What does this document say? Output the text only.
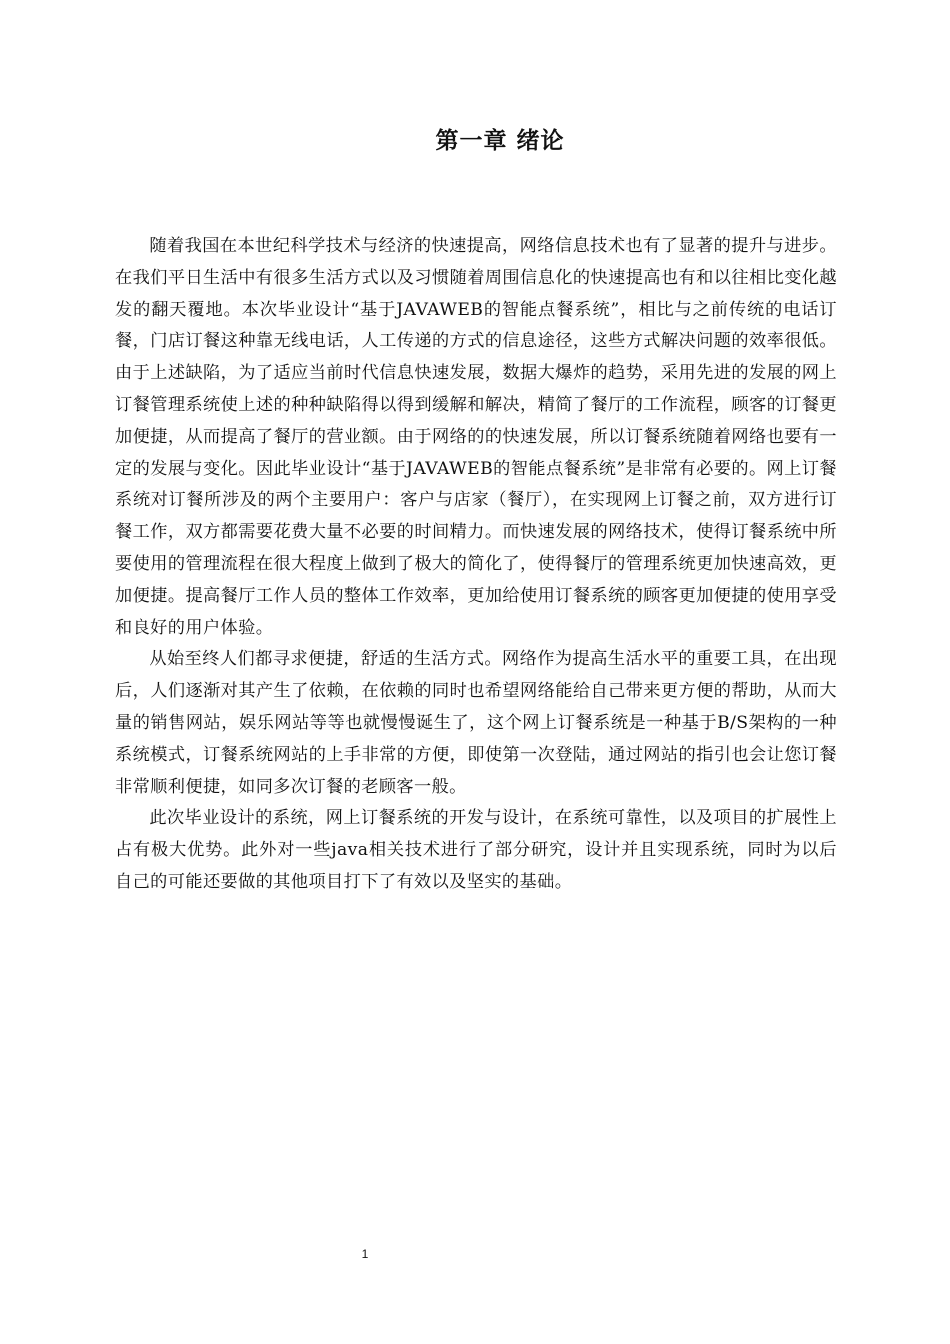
第一章 绪论

随着我国在本世纪科学技术与经济的快速提高，网络信息技术也有了显著的提升与进步。在我们平日生活中有很多生活方式以及习惯随着周围信息化的快速提高也有和以往相比变化越发的翻天覆地。本次毕业设计“基于JAVAWEB的智能点餐系统”，相比与之前传统的电话订餐，门店订餐这种靠无线电话，人工传递的方式的信息途径，这些方式解决问题的效率很低。由于上述缺陷，为了适应当前时代信息快速发展，数据大爆炸的趋势，采用先进的发展的网上订餐管理系统使上述的种种缺陷得以得到缓解和解决，精简了餐厅的工作流程，顾客的订餐更加便捷，从而提高了餐厅的营业额。由于网络的的快速发展，所以订餐系统随着网络也要有一定的发展与变化。因此毕业设计“基于JAVAWEB的智能点餐系统”是非常有必要的。网上订餐系统对订餐所涉及的两个主要用户：客户与店家（餐厅），在实现网上订餐之前，双方进行订餐工作，双方都需要花费大量不必要的时间精力。而快速发展的网络技术，使得订餐系统中所要使用的管理流程在很大程度上做到了极大的简化了，使得餐厅的管理系统更加快速高效，更加便捷。提高餐厅工作人员的整体工作效率，更加给使用订餐系统的顾客更加便捷的使用享受和良好的用户体验。

从始至终人们都寻求便捷，舒适的生活方式。网络作为提高生活水平的重要工具，在出现后，人们逐渐对其产生了依赖，在依赖的同时也希望网络能给自己带来更方便的帮助，从而大量的销售网站，娱乐网站等等也就慢慢诞生了，这个网上订餐系统是一种基于B/S架构的一种系统模式，订餐系统网站的上手非常的方便，即使第一次登陆，通过网站的指引也会让您订餐非常顺利便捷，如同多次订餐的老顾客一般。

此次毕业设计的系统，网上订餐系统的开发与设计，在系统可靠性，以及项目的扩展性上占有极大优势。此外对一些java相关技术进行了部分研究，设计并且实现系统，同时为以后自己的可能还要做的其他项目打下了有效以及坚实的基础。

1
